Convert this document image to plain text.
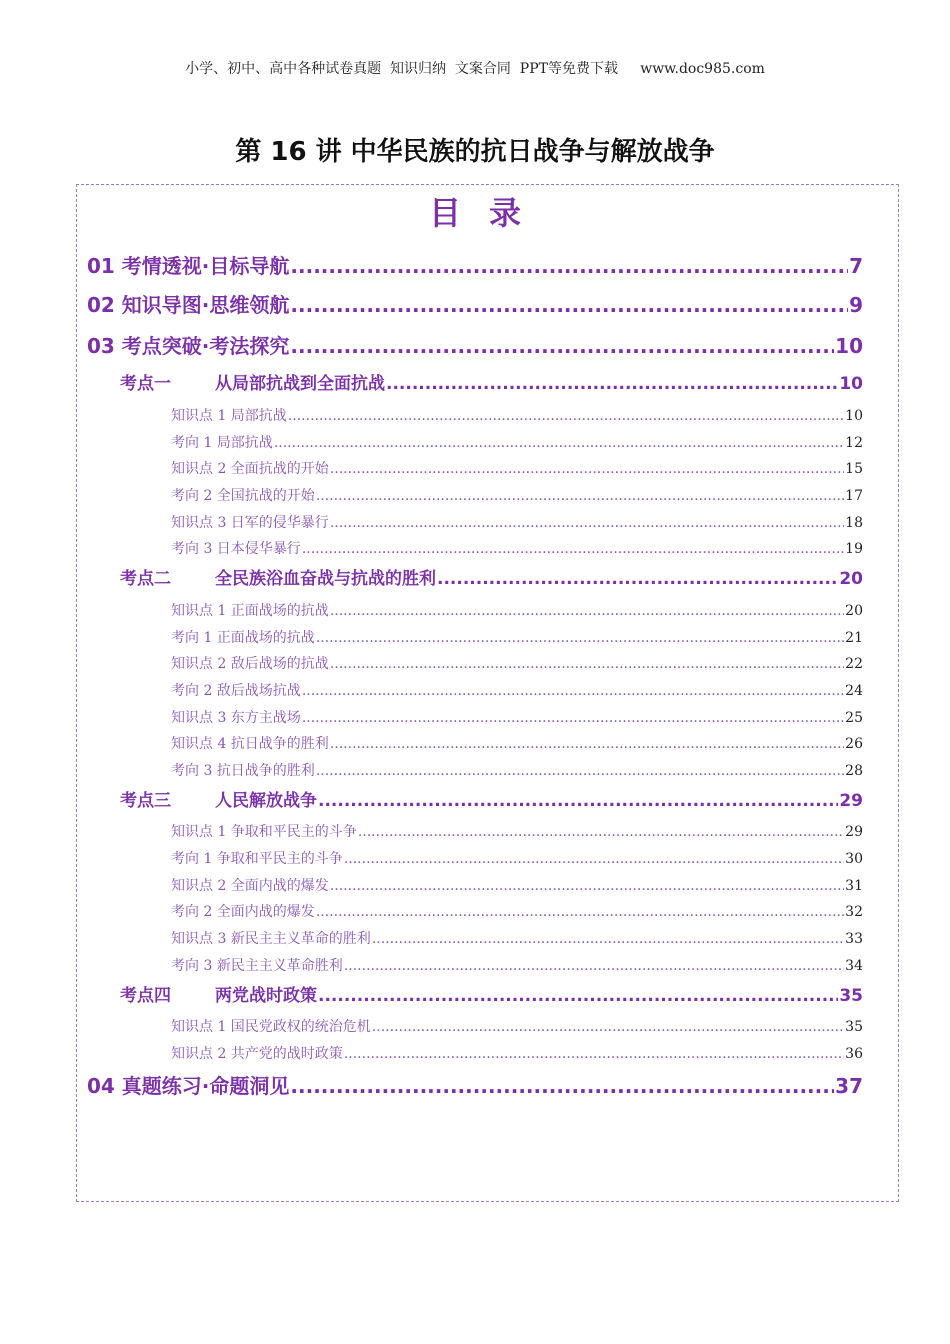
小学、初中、高中各种试卷真题  知识归纳  文案合同  PPT等免费下载     www.doc985.com
第 16 讲 中华民族的抗日战争与解放战争
目录
01 考情透视·目标导航 .....	7
02 知识导图·思维领航 .....	9
03 考点突破·考法探究 .....	10
考点一	从局部抗战到全面抗战 .....	10
知识点 1 局部抗战 .....	10
考向 1 局部抗战 .....	12
知识点 2 全面抗战的开始 .....	15
考向 2 全国抗战的开始 .....	17
知识点 3 日军的侵华暴行 .....	18
考向 3 日本侵华暴行 .....	19
考点二	全民族浴血奋战与抗战的胜利 .....	20
知识点 1 正面战场的抗战 .....	20
考向 1 正面战场的抗战 .....	21
知识点 2 敌后战场的抗战 .....	22
考向 2 敌后战场抗战 .....	24
知识点 3 东方主战场 .....	25
知识点 4 抗日战争的胜利 .....	26
考向 3 抗日战争的胜利 .....	28
考点三	人民解放战争 .....	29
知识点 1 争取和平民主的斗争 .....	29
考向 1 争取和平民主的斗争 .....	30
知识点 2 全面内战的爆发 .....	31
考向 2 全面内战的爆发 .....	32
知识点 3 新民主主义革命的胜利 .....	33
考向 3 新民主主义革命胜利 .....	34
考点四	两党战时政策 .....	35
知识点 1 国民党政权的统治危机 .....	35
知识点 2 共产党的战时政策 .....	36
04 真题练习·命题洞见 .....	37
